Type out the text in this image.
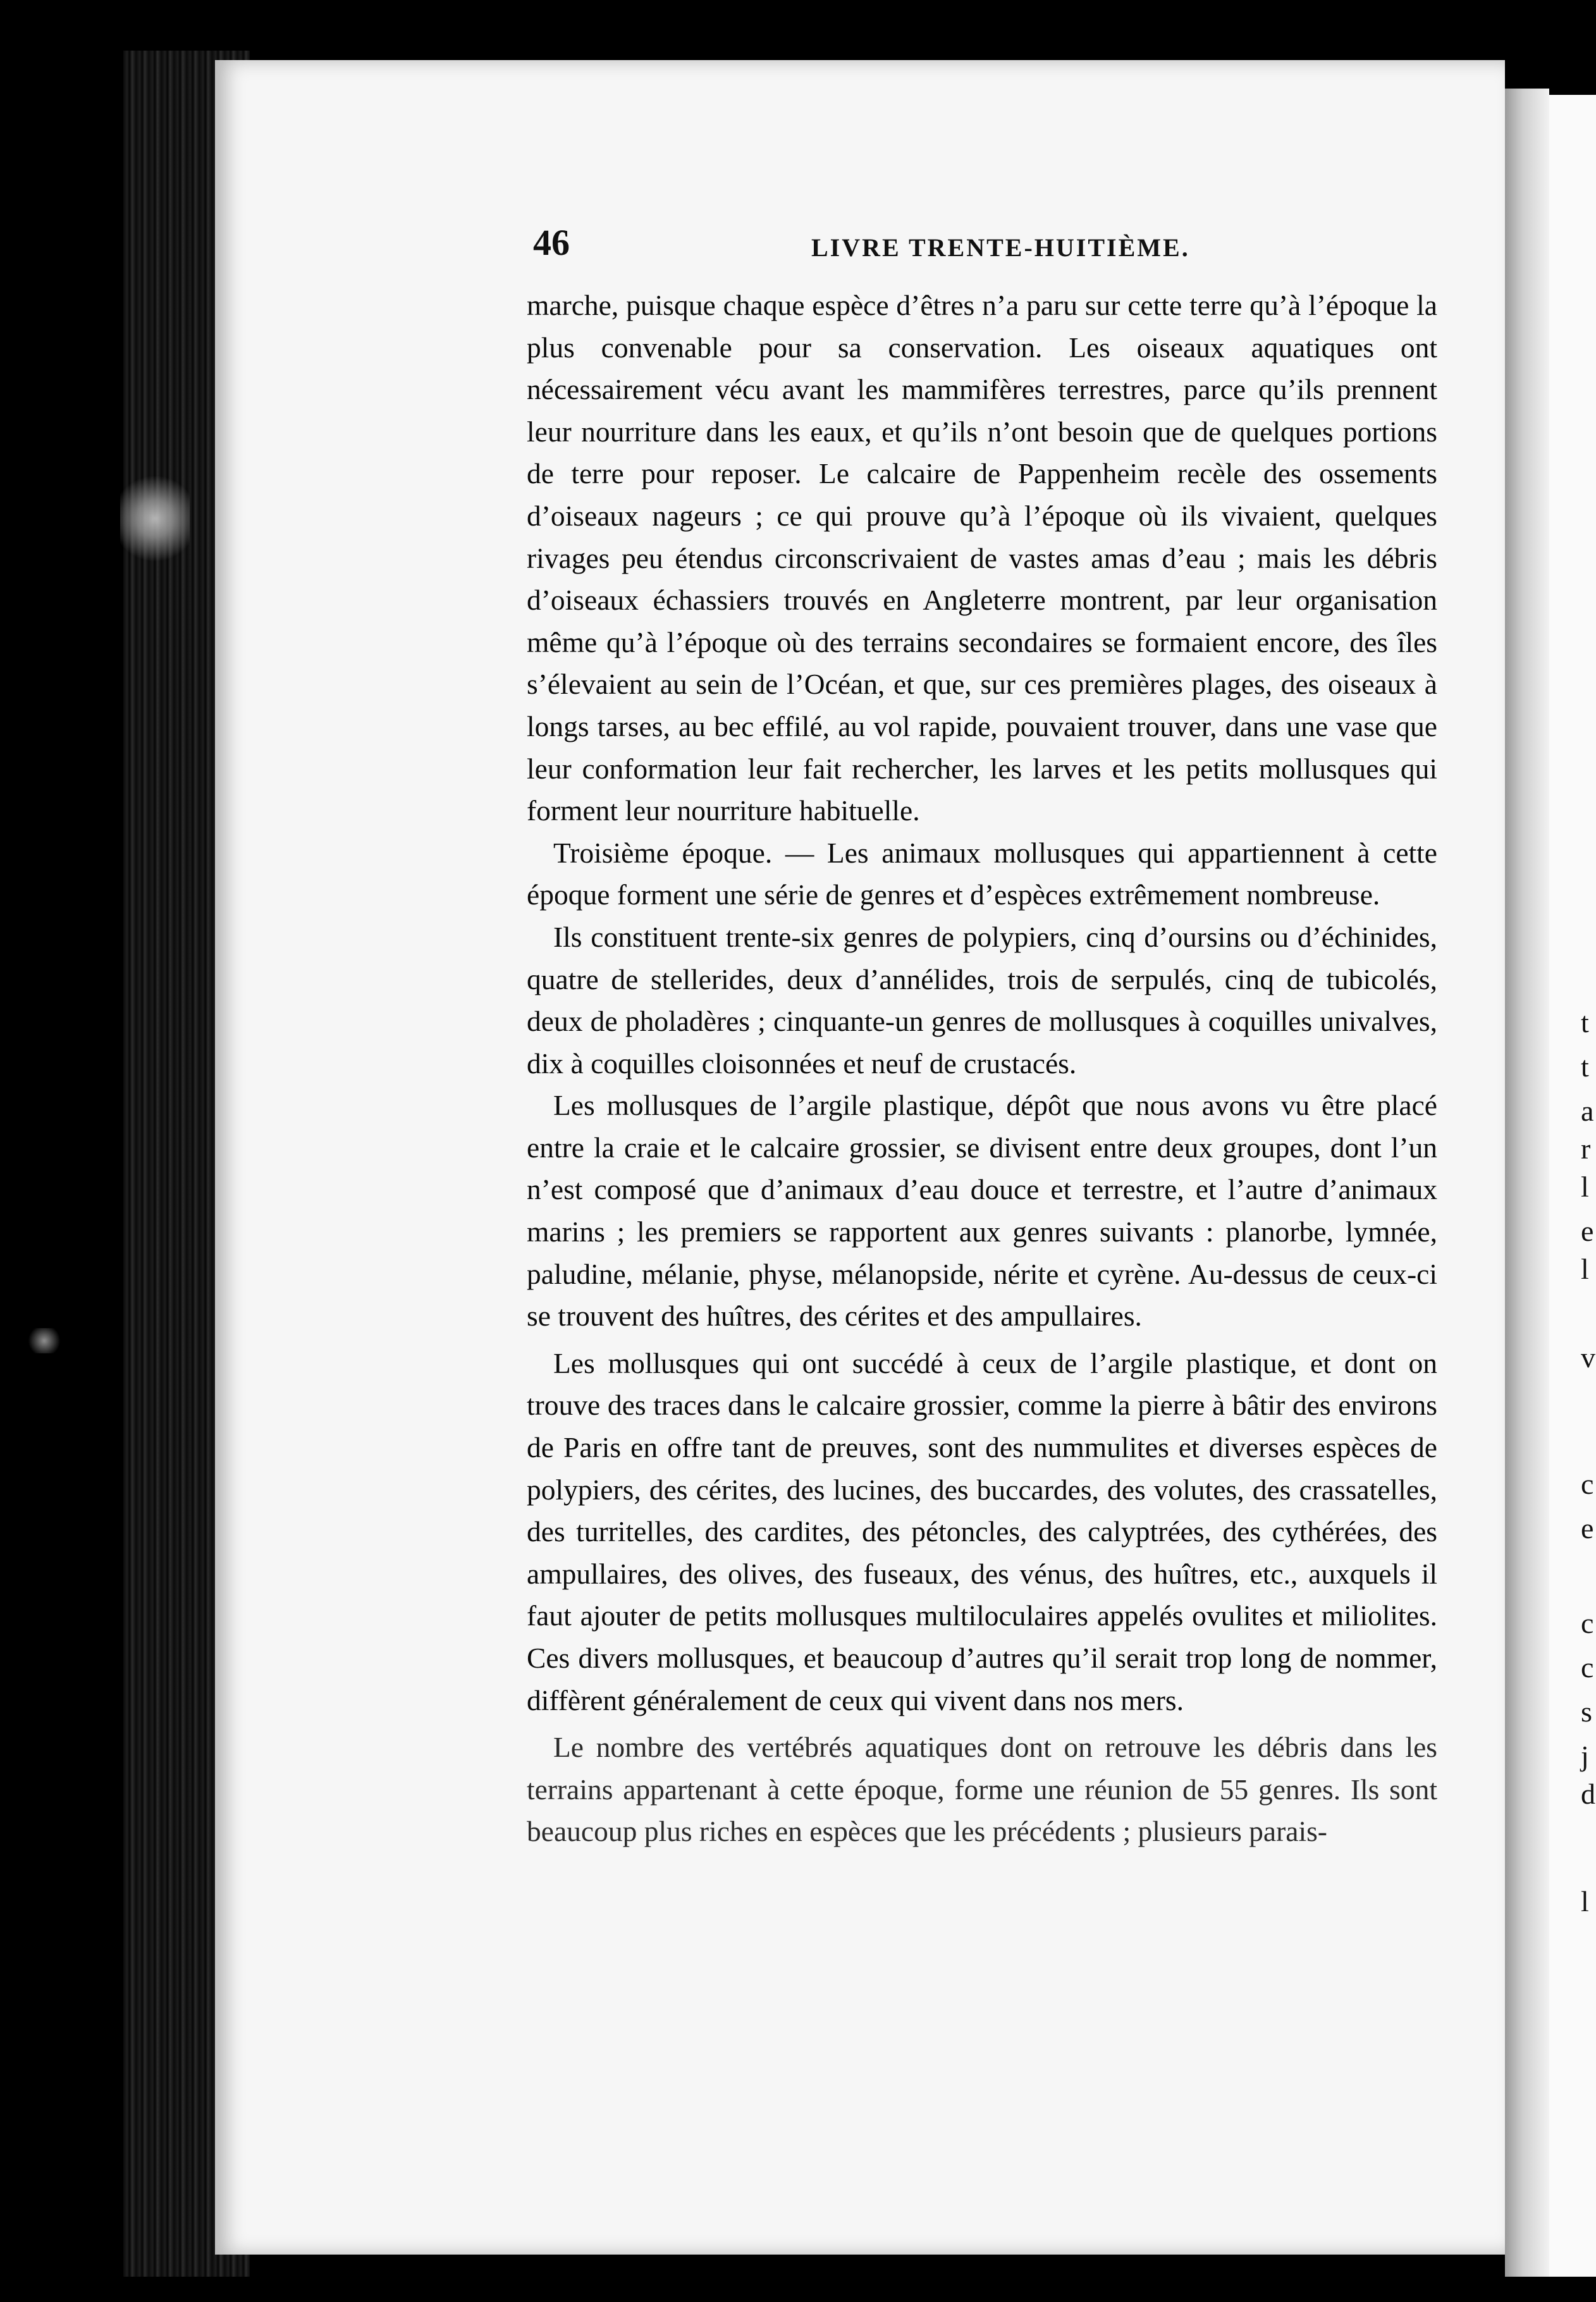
t
t
a
r
l
e
l
v
c
e
c
c
s
j
d
l
46	LIVRE TRENTE-HUITIÈME.

marche, puisque chaque espèce d’êtres n’a paru sur cette terre qu’à l’époque la plus convenable pour sa conservation. Les oiseaux aquatiques ont nécessairement vécu avant les mammifères terrestres, parce qu’ils prennent leur nourriture dans les eaux, et qu’ils n’ont besoin que de quelques portions de terre pour reposer. Le calcaire de Pappenheim recèle des ossements d’oiseaux nageurs ; ce qui prouve qu’à l’époque où ils vivaient, quelques rivages peu étendus circonscrivaient de vastes amas d’eau ; mais les débris d’oiseaux échassiers trouvés en Angleterre montrent, par leur organisation même qu’à l’époque où des terrains secondaires se formaient encore, des îles s’élevaient au sein de l’Océan, et que, sur ces premières plages, des oiseaux à longs tarses, au bec effilé, au vol rapide, pouvaient trouver, dans une vase que leur conformation leur fait rechercher, les larves et les petits mollusques qui forment leur nourriture habituelle.

Troisième époque. — Les animaux mollusques qui appartiennent à cette époque forment une série de genres et d’espèces extrêmement nombreuse.

Ils constituent trente-six genres de polypiers, cinq d’oursins ou d’échinides, quatre de stellerides, deux d’annélides, trois de serpulés, cinq de tubicolés, deux de pholadères ; cinquante-un genres de mollusques à coquilles univalves, dix à coquilles cloisonnées et neuf de crustacés.

Les mollusques de l’argile plastique, dépôt que nous avons vu être placé entre la craie et le calcaire grossier, se divisent entre deux groupes, dont l’un n’est composé que d’animaux d’eau douce et terrestre, et l’autre d’animaux marins ; les premiers se rapportent aux genres suivants : planorbe, lymnée, paludine, mélanie, physe, mélanopside, nérite et cyrène. Au-dessus de ceux-ci se trouvent des huîtres, des cérites et des ampullaires.

Les mollusques qui ont succédé à ceux de l’argile plastique, et dont on trouve des traces dans le calcaire grossier, comme la pierre à bâtir des environs de Paris en offre tant de preuves, sont des nummulites et diverses espèces de polypiers, des cérites, des lucines, des buccardes, des volutes, des crassatelles, des turritelles, des cardites, des pétoncles, des calyptrées, des cythérées, des ampullaires, des olives, des fuseaux, des vénus, des huîtres, etc., auxquels il faut ajouter de petits mollusques multiloculaires appelés ovulites et miliolites. Ces divers mollusques, et beaucoup d’autres qu’il serait trop long de nommer, diffèrent généralement de ceux qui vivent dans nos mers.

Le nombre des vertébrés aquatiques dont on retrouve les débris dans les terrains appartenant à cette époque, forme une réunion de 55 genres. Ils sont beaucoup plus riches en espèces que les précédents ; plusieurs parais-
